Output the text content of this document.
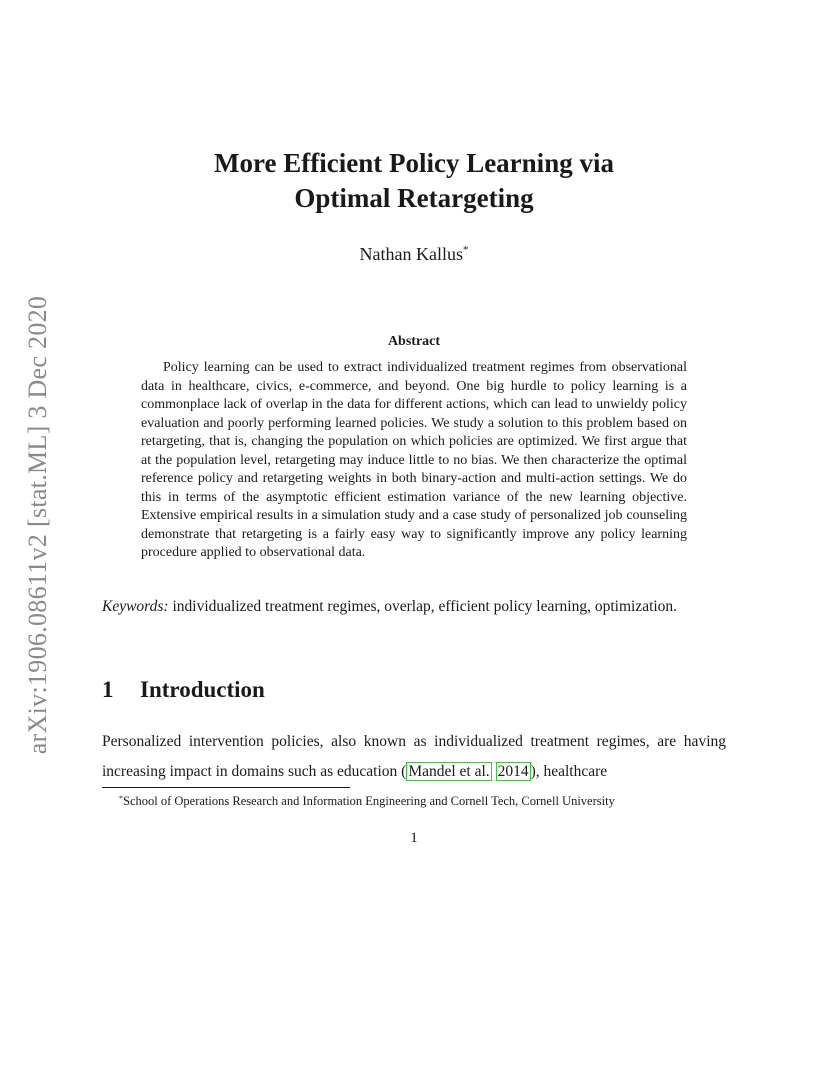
arXiv:1906.08611v2 [stat.ML] 3 Dec 2020
More Efficient Policy Learning via
Optimal Retargeting
Nathan Kallus*
Abstract

Policy learning can be used to extract individualized treatment regimes from observational data in healthcare, civics, e-commerce, and beyond. One big hurdle to policy learning is a commonplace lack of overlap in the data for different actions, which can lead to unwieldy policy evaluation and poorly performing learned policies. We study a solution to this problem based on retargeting, that is, changing the population on which policies are optimized. We first argue that at the population level, retargeting may induce little to no bias. We then characterize the optimal reference policy and retargeting weights in both binary-action and multi-action settings. We do this in terms of the asymptotic efficient estimation variance of the new learning objective. Extensive empirical results in a simulation study and a case study of personalized job counseling demonstrate that retargeting is a fairly easy way to significantly improve any policy learning procedure applied to observational data.

Keywords: individualized treatment regimes, overlap, efficient policy learning, optimization.

1 Introduction

Personalized intervention policies, also known as individualized treatment regimes, are having increasing impact in domains such as education ( Mandel et al. 2014 ), healthcare

*School of Operations Research and Information Engineering and Cornell Tech, Cornell University
1
